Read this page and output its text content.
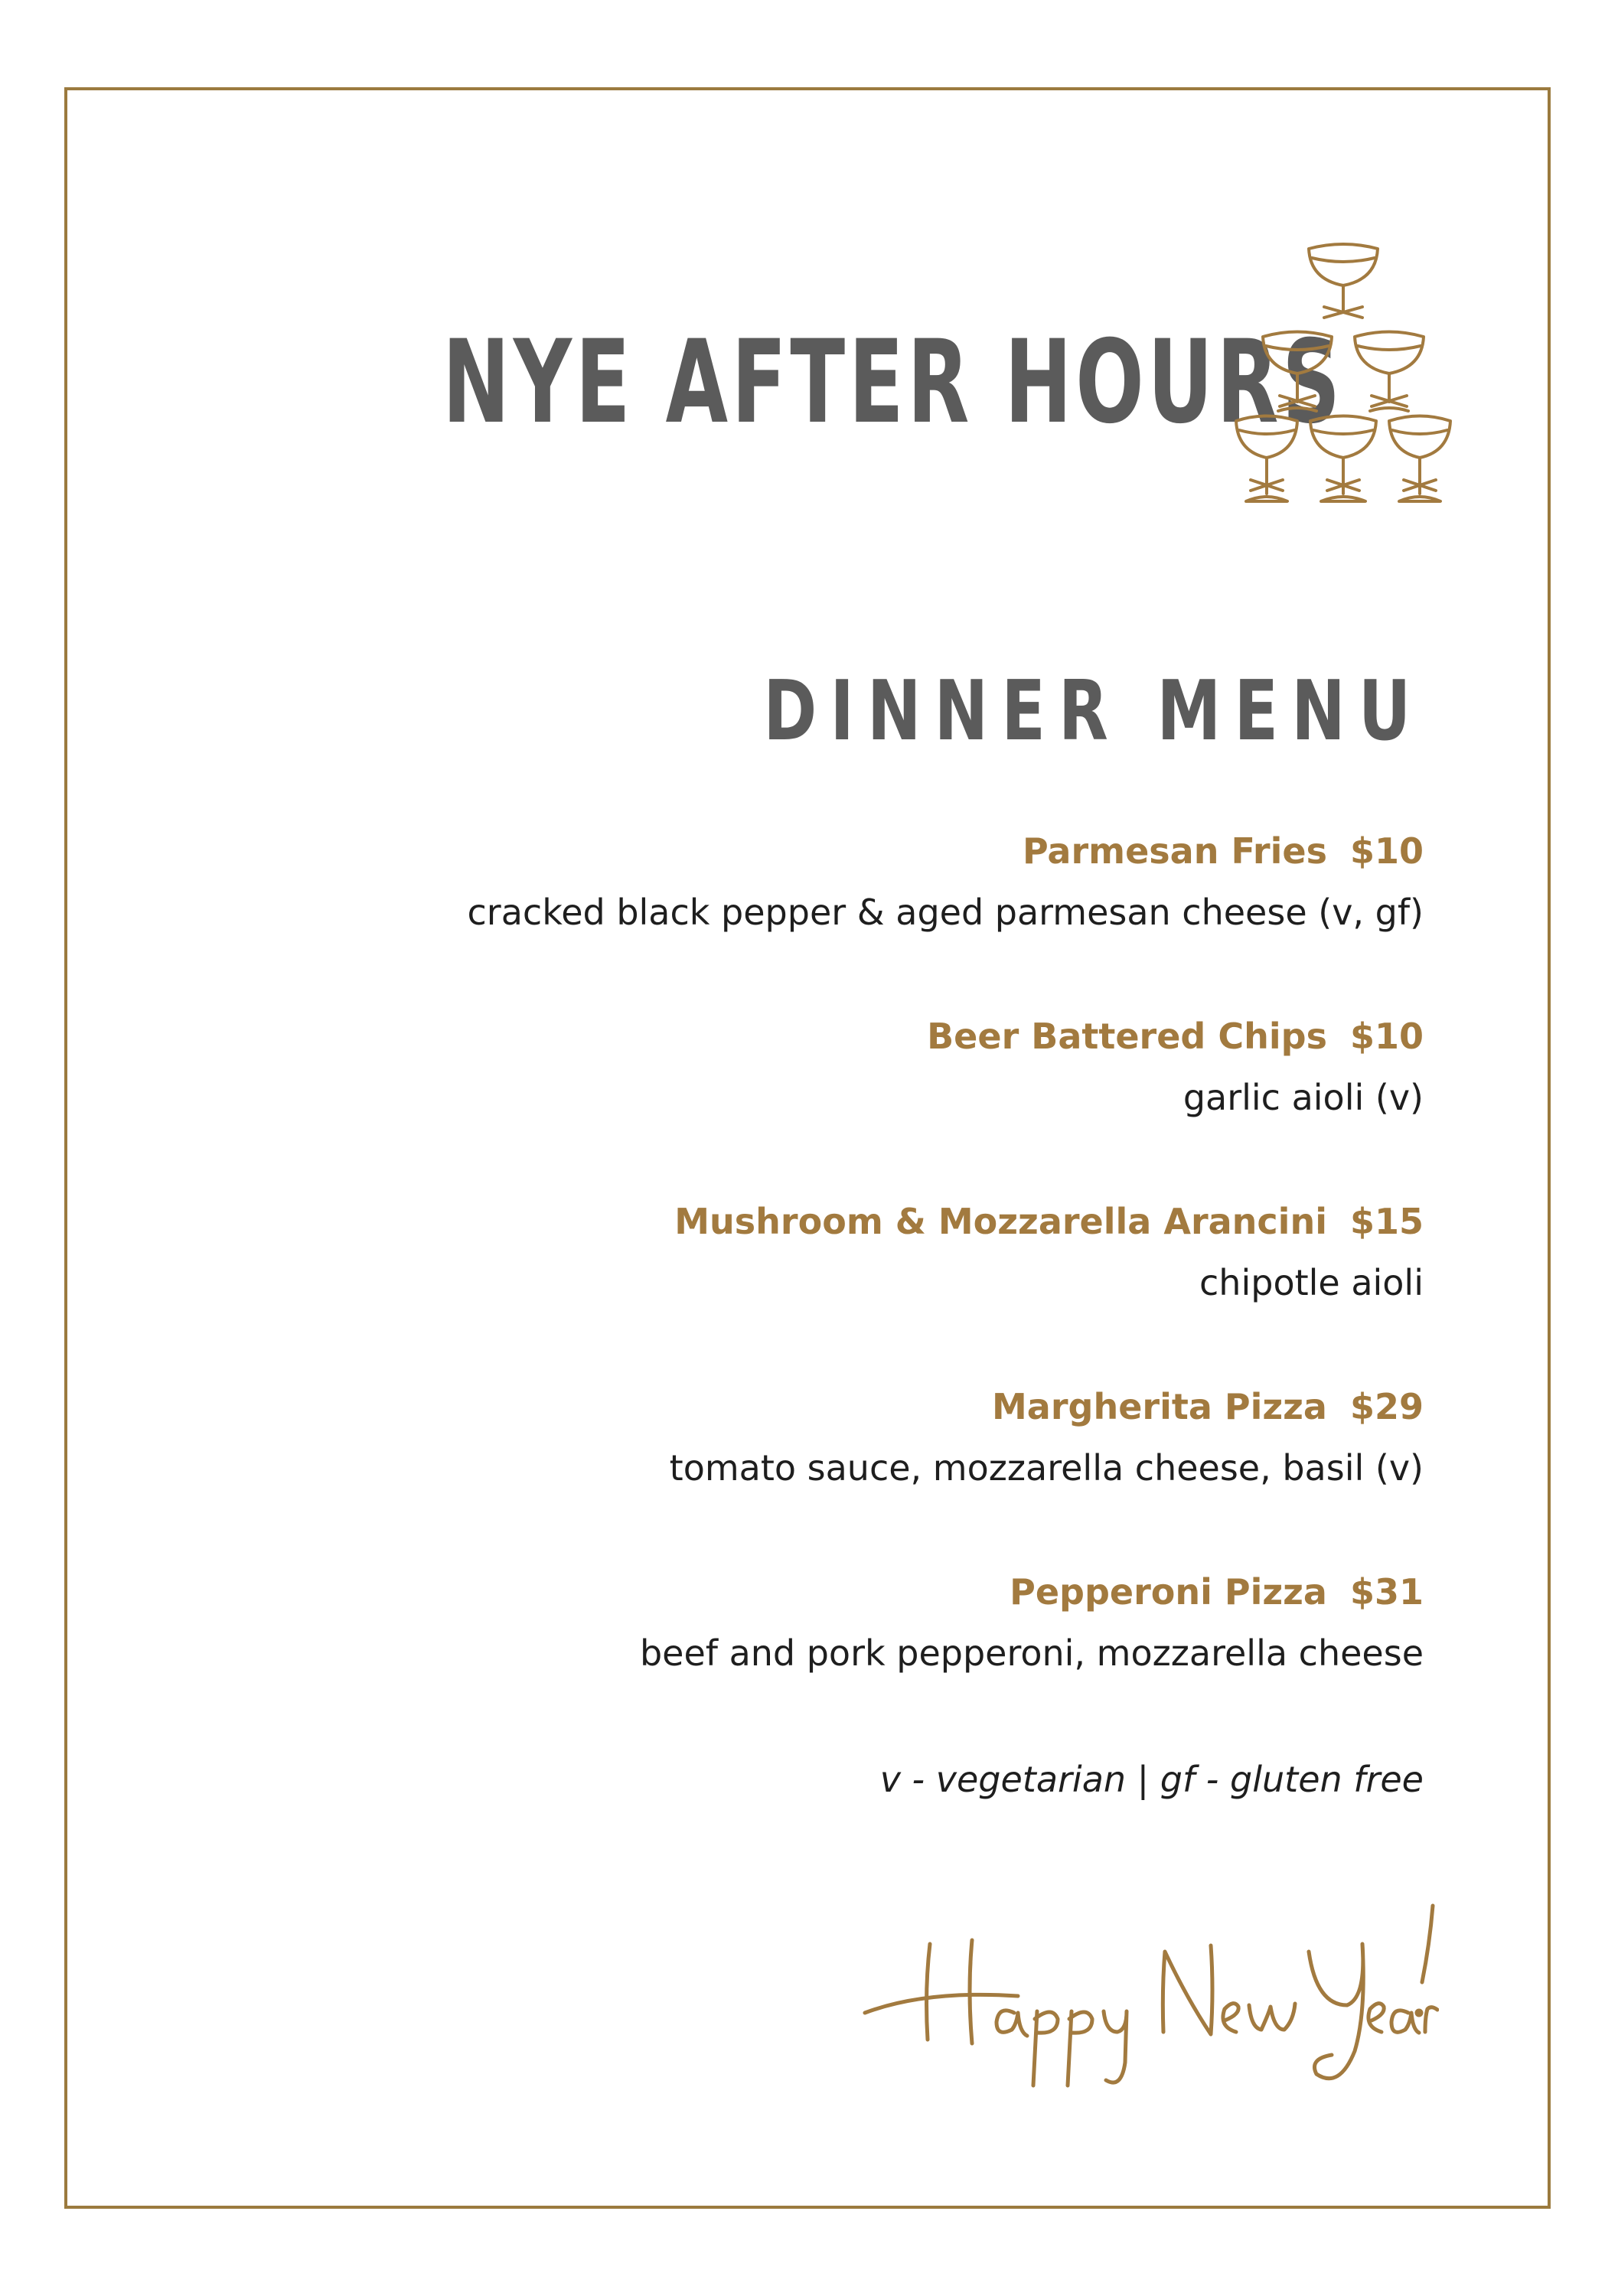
NYE AFTER HOURS
DINNER MENU
Parmesan Fries $10
cracked black pepper & aged parmesan cheese (v, gf)
Beer Battered Chips $10
garlic aioli (v)
Mushroom & Mozzarella Arancini $15
chipotle aioli
Margherita Pizza $29
tomato sauce, mozzarella cheese, basil (v)
Pepperoni Pizza $31
beef and pork pepperoni, mozzarella cheese
v - vegetarian | gf - gluten free
